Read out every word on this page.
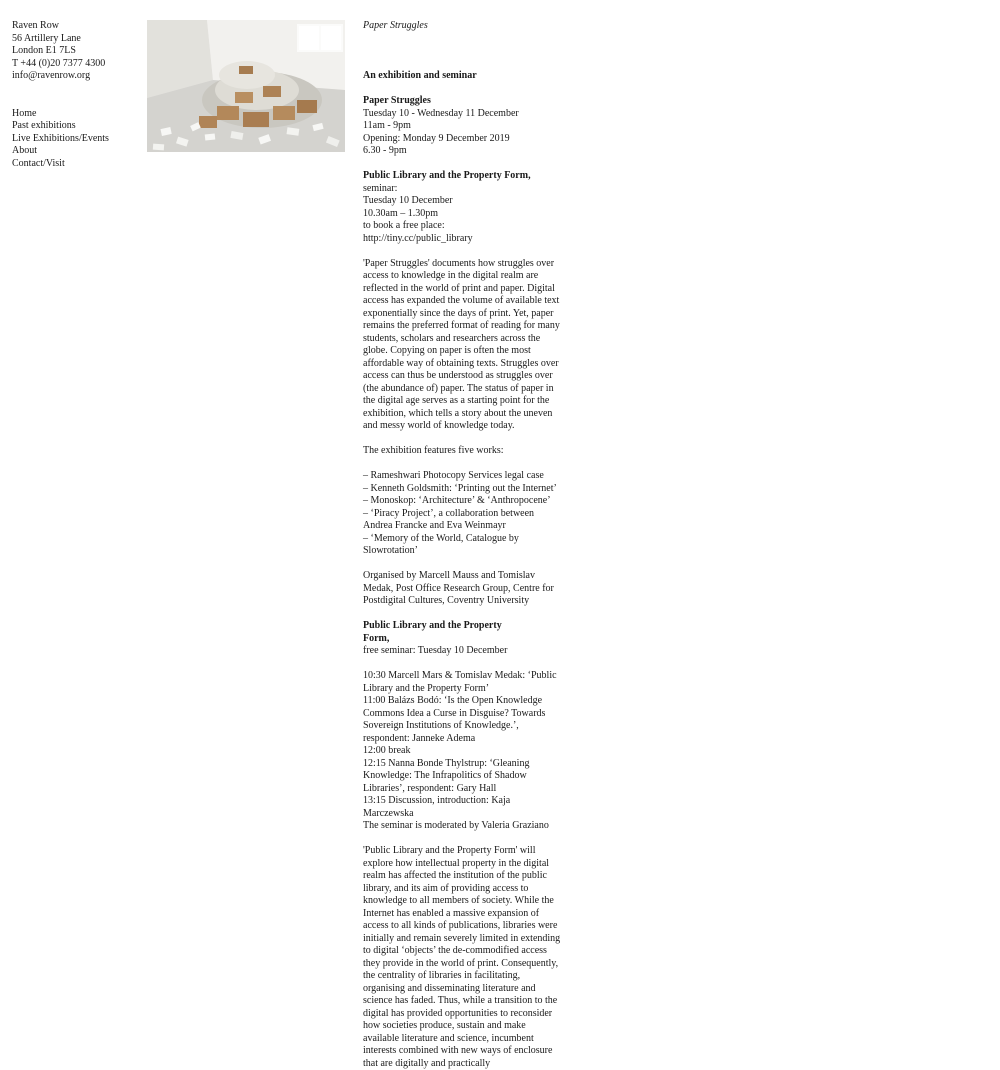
Raven Row
56 Artillery Lane
London E1 7LS
T +44 (0)20 7377 4300
info@ravenrow.org
Home
Past exhibitions
Live Exhibitions/Events
About
Contact/Visit

Paper Struggles

An exhibition and seminar

Paper Struggles

Tuesday 10 - Wednesday 11 December

11am - 9pm

Opening: Monday 9 December 2019

6.30 - 9pm

Public Library and the Property Form, seminar:

Tuesday 10 December

10.30am – 1.30pm

to book a free place:

http://tiny.cc/public_library

'Paper Struggles' documents how struggles over access to knowledge in the digital realm are reflected in the world of print and paper. Digital access has expanded the volume of available text exponentially since the days of print. Yet, paper remains the preferred format of reading for many students, scholars and researchers across the globe. Copying on paper is often the most affordable way of obtaining texts. Struggles over access can thus be understood as struggles over (the abundance of) paper. The status of paper in the digital age serves as a starting point for the exhibition, which tells a story about the uneven and messy world of knowledge today.

The exhibition features five works:

– Rameshwari Photocopy Services legal case

– Kenneth Goldsmith: ‘Printing out the Internet’

– Monoskop: ‘Architecture’ & ‘Anthropocene’

– ‘Piracy Project’, a collaboration between Andrea Francke and Eva Weinmayr

– ‘Memory of the World, Catalogue by Slowrotation’

Organised by Marcell Mauss and Tomislav Medak, Post Office Research Group, Centre for Postdigital Cultures, Coventry University

Public Library and the Property Form, free seminar: Tuesday 10 December

10:30 Marcell Mars & Tomislav Medak: ‘Public Library and the Property Form’

11:00 Balázs Bodó: ‘Is the Open Knowledge Commons Idea a Curse in Disguise? Towards Sovereign Institutions of Knowledge.’, respondent: Janneke Adema

12:00 break

12:15 Nanna Bonde Thylstrup: ‘Gleaning Knowledge: The Infrapolitics of Shadow Libraries’, respondent: Gary Hall

13:15 Discussion, introduction: Kaja Marczewska

The seminar is moderated by Valeria Graziano

'Public Library and the Property Form' will explore how intellectual property in the digital realm has affected the institution of the public library, and its aim of providing access to knowledge to all members of society. While the Internet has enabled a massive expansion of access to all kinds of publications, libraries were initially and remain severely limited in extending to digital ‘objects’ the de-commodified access they provide in the world of print. Consequently, the centrality of libraries in facilitating, organising and disseminating literature and science has faded. Thus, while a transition to the digital has provided opportunities to reconsider how societies produce, sustain and make available literature and science, incumbent interests combined with new ways of enclosure that are digitally and practically
